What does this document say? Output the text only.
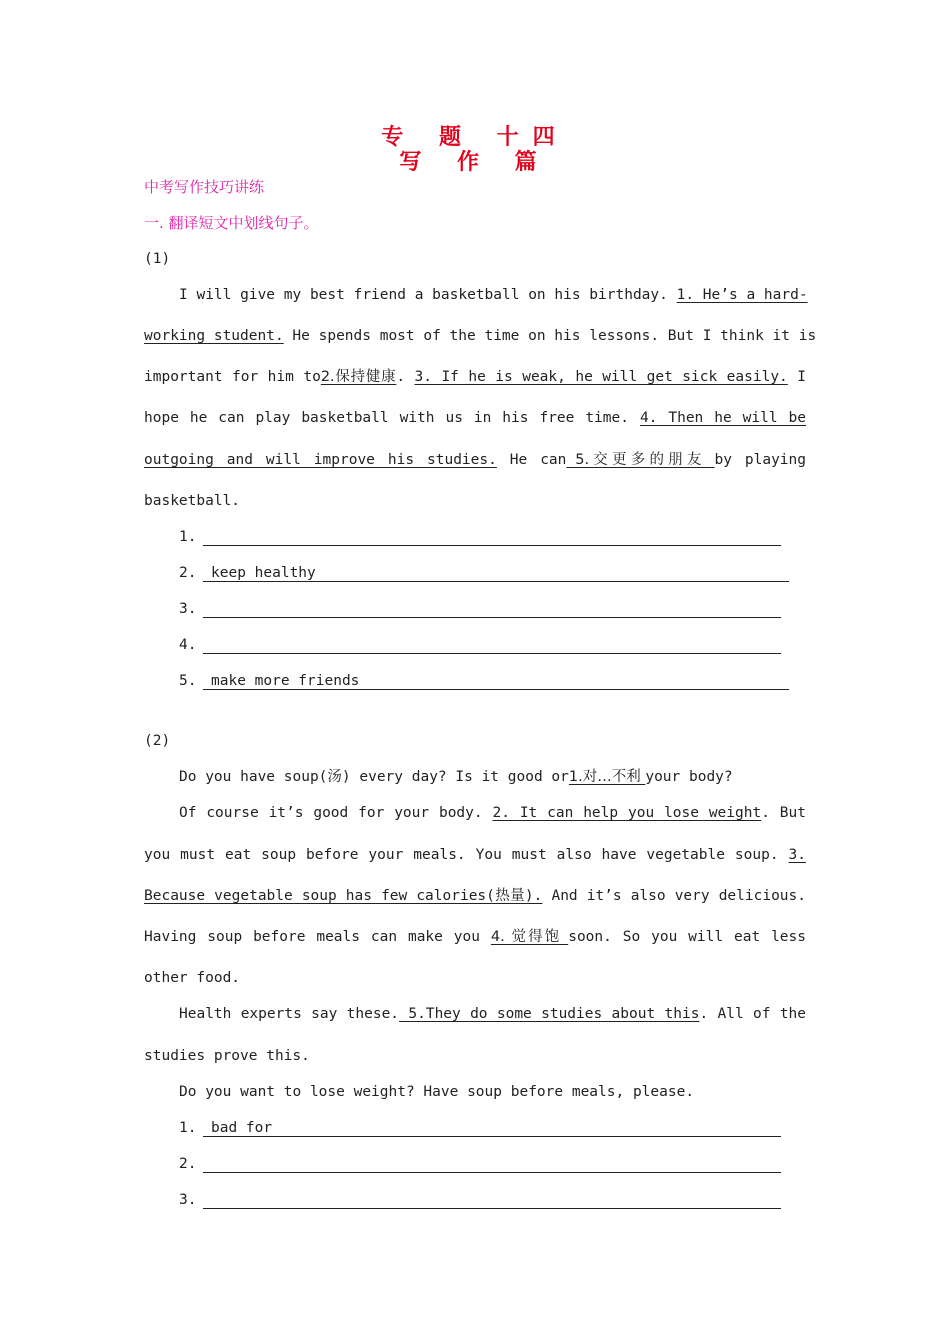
专 题 十四
写 作 篇
中考写作技巧讲练
一. 翻译短文中划线句子。
(1)
I will give my best friend a basketball on his birthday. 1. He’s a hard-
working student. He spends most of the time on his lessons. But I think it is
important for him to2.保持健康. 3. If he is weak, he will get sick easily. I
hope he can play basketball with us in his free time. 4. Then he will be
outgoing and will improve his studies. He can 5.交更多的朋友 by playing
basketball.
1.
2.	keep healthy
3.
4.
5.	make more friends
(2)
Do you have soup(汤) every day? Is it good or1.对…不利 your body?
Of course it’s good for your body. 2. It can help you lose weight. But
you must eat soup before your meals. You must also have vegetable soup. 3.
Because vegetable soup has few calories(热量). And it’s also very delicious.
Having soup before meals can make you 4. 觉得饱 soon. So you will eat less
other food.
Health experts say these. 5.They do some studies about this. All of the
studies prove this.
Do you want to lose weight? Have soup before meals, please.
1.	bad for
2.
3.
